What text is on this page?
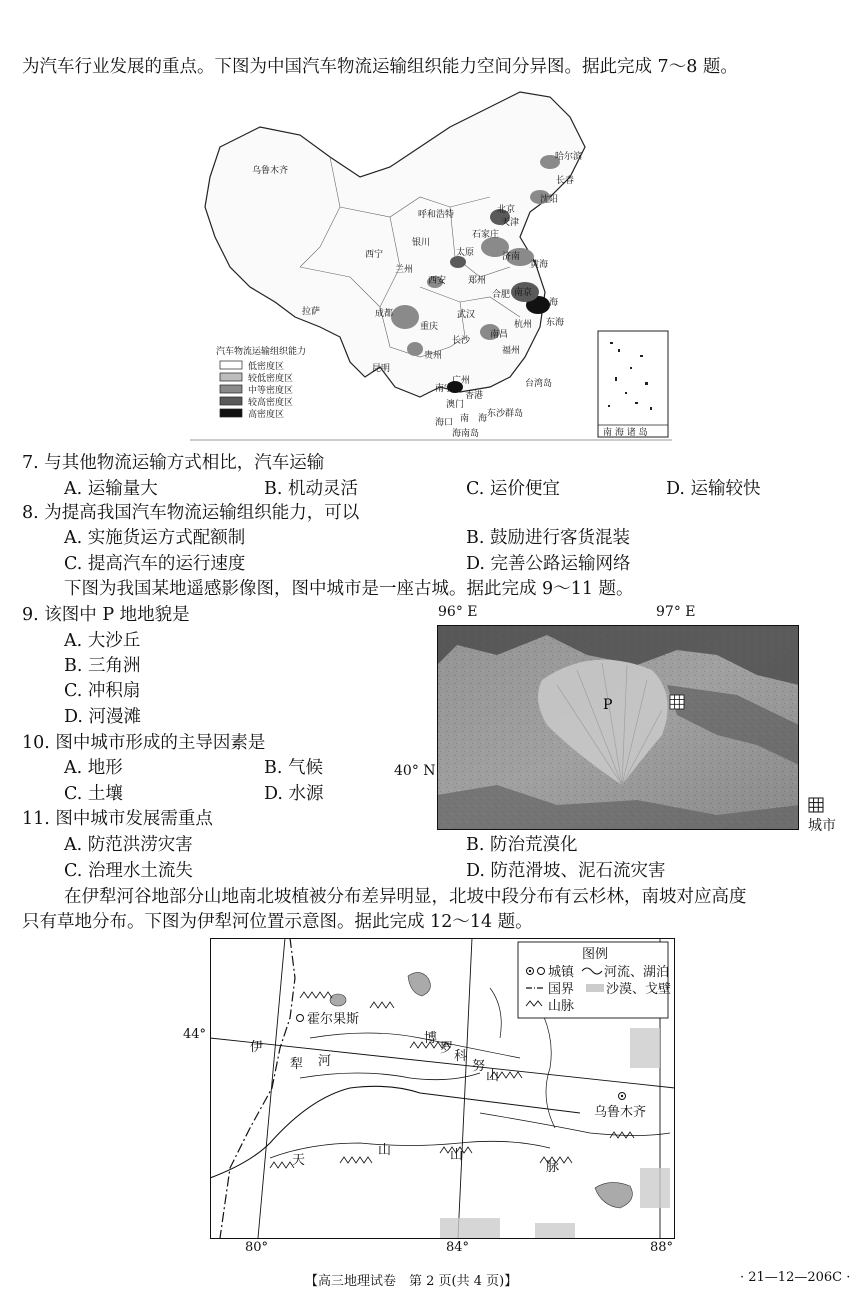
为汽车行业发展的重点。下图为中国汽车物流运输组织能力空间分异图。据此完成 7～8 题。
乌鲁木齐
哈尔滨
长春
沈阳
呼和浩特	北京
天津
石家庄
银川
太原	济南
西宁
兰州
西安 郑州
黄海
南京
上海
合肥
武汉
杭州 东海
成都
重庆
长沙
南昌
福州
贵州
昆明
南宁
广州
香港
澳门
东沙群岛
台湾岛
南　海
海口
海南岛
拉萨
汽车物流运输组织能力
低密度区
较低密度区
中等密度区
较高密度区
高密度区
南 海 诸 岛
7. 与其他物流运输方式相比，汽车运输
A. 运输量大	B. 机动灵活	C. 运价便宜	D. 运输较快
8. 为提高我国汽车物流运输组织能力，可以
A. 实施货运方式配额制	B. 鼓励进行客货混装
C. 提高汽车的运行速度	D. 完善公路运输网络
下图为我国某地遥感影像图，图中城市是一座古城。据此完成 9～11 题。
9. 该图中 P 地地貌是
A. 大沙丘
B. 三角洲
C. 冲积扇
D. 河漫滩
10. 图中城市形成的主导因素是
A. 地形	B. 气候
C. 土壤	D. 水源
11. 图中城市发展需重点
A. 防范洪涝灾害	B. 防治荒漠化
C. 治理水土流失	D. 防范滑坡、泥石流灾害
96° E	97° E
40° N
P
城市
在伊犁河谷地部分山地南北坡植被分布差异明显，北坡中段分布有云杉林，南坡对应高度
只有草地分布。下图为伊犁河位置示意图。据此完成 12～14 题。
图例
城镇 河流、湖泊
国界 沙漠、戈壁
山脉
霍尔果斯
乌鲁木齐
伊
犁 河
博
罗
科
努
山
天
山	山
脉
44°
80°	84°	88°
【高三地理试卷　第 2 页(共 4 页)】	· 21—12—206C ·
